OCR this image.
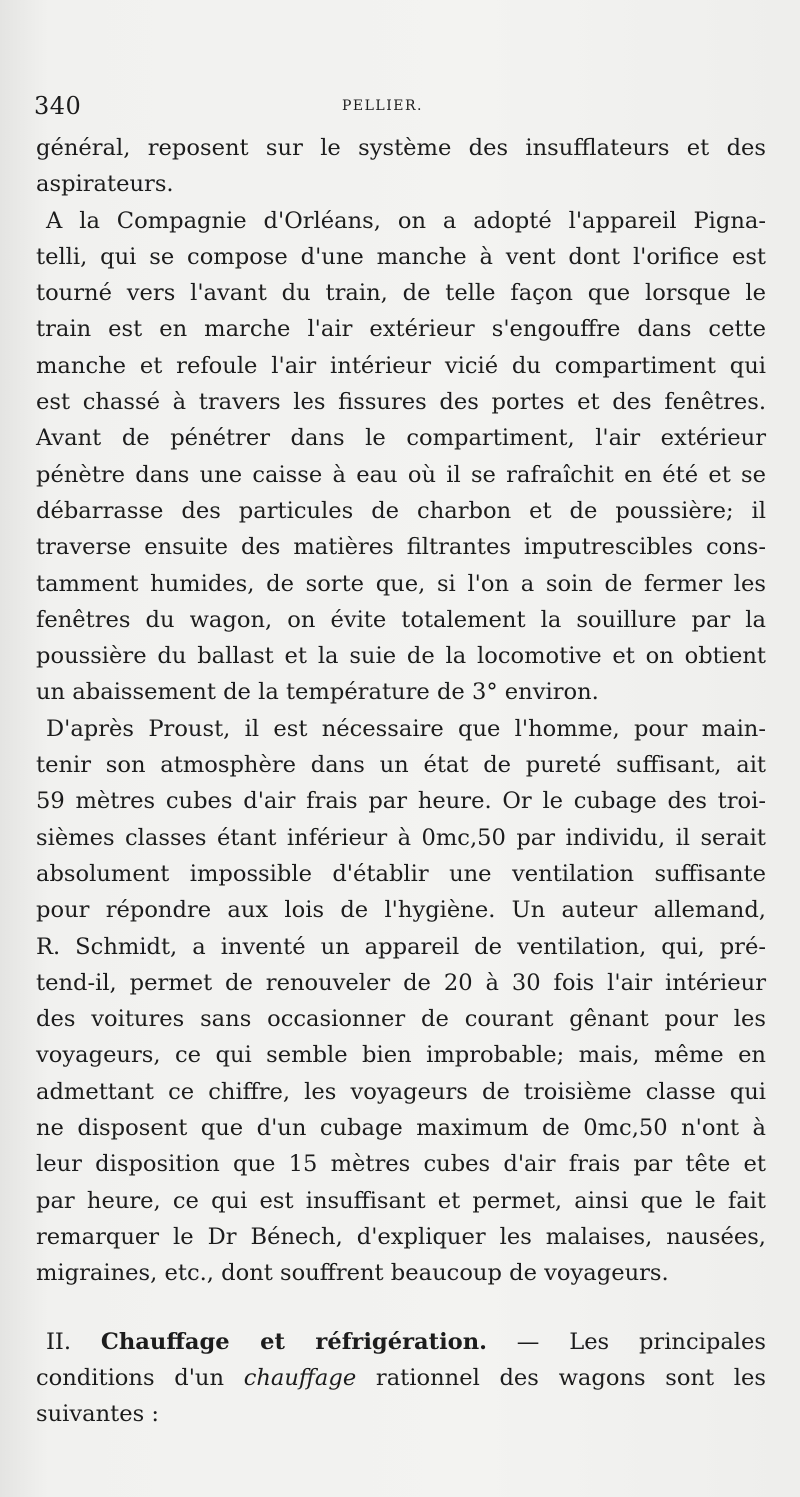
340	PELLIER.

général, reposent sur le système des insufflateurs et des
aspirateurs.

A la Compagnie d'Orléans, on a adopté l'appareil Pigna-
telli, qui se compose d'une manche à vent dont l'orifice est
tourné vers l'avant du train, de telle façon que lorsque le
train est en marche l'air extérieur s'engouffre dans cette
manche et refoule l'air intérieur vicié du compartiment qui
est chassé à travers les fissures des portes et des fenêtres.
Avant de pénétrer dans le compartiment, l'air extérieur
pénètre dans une caisse à eau où il se rafraîchit en été et se
débarrasse des particules de charbon et de poussière; il
traverse ensuite des matières filtrantes imputrescibles cons-
tamment humides, de sorte que, si l'on a soin de fermer les
fenêtres du wagon, on évite totalement la souillure par la
poussière du ballast et la suie de la locomotive et on obtient
un abaissement de la température de 3° environ.

D'après Proust, il est nécessaire que l'homme, pour main-
tenir son atmosphère dans un état de pureté suffisant, ait
59 mètres cubes d'air frais par heure. Or le cubage des troi-
sièmes classes étant inférieur à 0mc,50 par individu, il serait
absolument impossible d'établir une ventilation suffisante
pour répondre aux lois de l'hygiène. Un auteur allemand,
R. Schmidt, a inventé un appareil de ventilation, qui, pré-
tend-il, permet de renouveler de 20 à 30 fois l'air intérieur
des voitures sans occasionner de courant gênant pour les
voyageurs, ce qui semble bien improbable; mais, même en
admettant ce chiffre, les voyageurs de troisième classe qui
ne disposent que d'un cubage maximum de 0mc,50 n'ont à
leur disposition que 15 mètres cubes d'air frais par tête et
par heure, ce qui est insuffisant et permet, ainsi que le fait
remarquer le Dr Bénech, d'expliquer les malaises, nausées,
migraines, etc., dont souffrent beaucoup de voyageurs.

II. Chauffage et réfrigération. — Les principales
conditions d'un chauffage rationnel des wagons sont les
suivantes :
